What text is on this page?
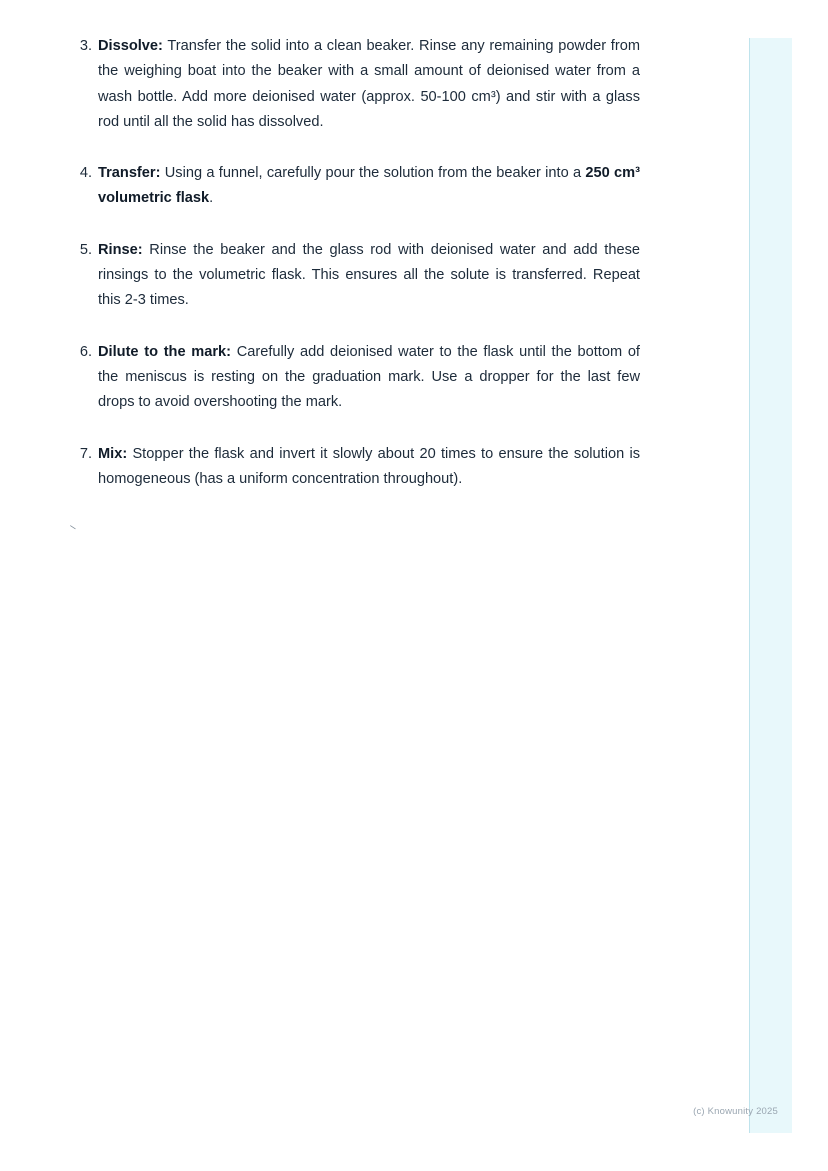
3. Dissolve: Transfer the solid into a clean beaker. Rinse any remaining powder from the weighing boat into the beaker with a small amount of deionised water from a wash bottle. Add more deionised water (approx. 50-100 cm³) and stir with a glass rod until all the solid has dissolved.
4. Transfer: Using a funnel, carefully pour the solution from the beaker into a 250 cm³ volumetric flask.
5. Rinse: Rinse the beaker and the glass rod with deionised water and add these rinsings to the volumetric flask. This ensures all the solute is transferred. Repeat this 2-3 times.
6. Dilute to the mark: Carefully add deionised water to the flask until the bottom of the meniscus is resting on the graduation mark. Use a dropper for the last few drops to avoid overshooting the mark.
7. Mix: Stopper the flask and invert it slowly about 20 times to ensure the solution is homogeneous (has a uniform concentration throughout).
⸌
(c) Knowunity 2025
